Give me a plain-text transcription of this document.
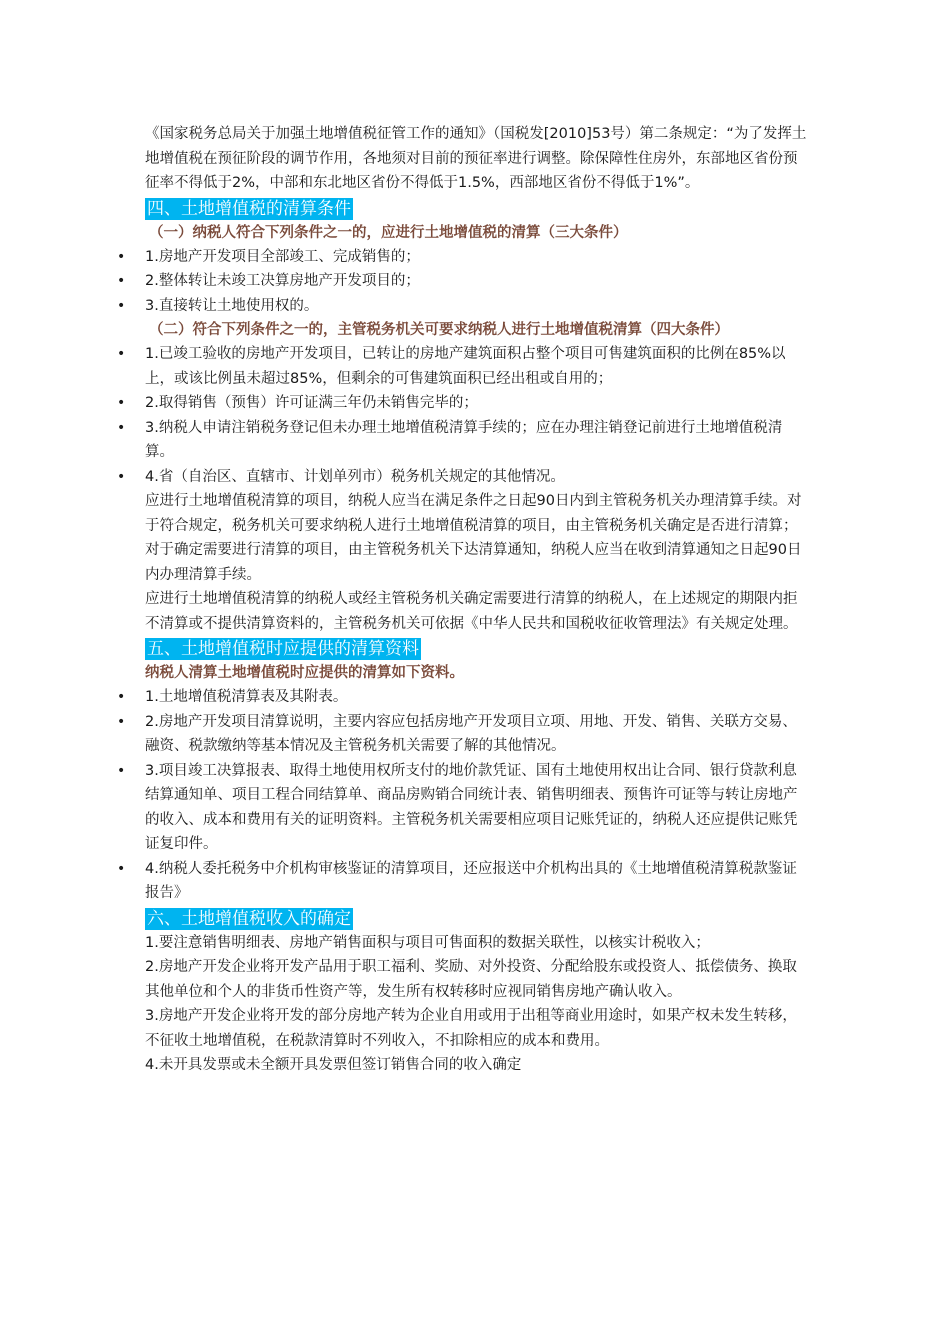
《国家税务总局关于加强土地增值税征管工作的通知》（国税发[2010]53号）第二条规定：“为了发挥土地增值税在预征阶段的调节作用，各地须对目前的预征率进行调整。除保障性住房外，东部地区省份预征率不得低于2%，中部和东北地区省份不得低于1.5%，西部地区省份不得低于1%”。

四、土地增值税的清算条件

（一）纳税人符合下列条件之一的，应进行土地增值税的清算（三大条件）

• 1.房地产开发项目全部竣工、完成销售的；
• 2.整体转让未竣工决算房地产开发项目的；
• 3.直接转让土地使用权的。

（二）符合下列条件之一的，主管税务机关可要求纳税人进行土地增值税清算（四大条件）

• 1.已竣工验收的房地产开发项目，已转让的房地产建筑面积占整个项目可售建筑面积的比例在85%以上，或该比例虽未超过85%，但剩余的可售建筑面积已经出租或自用的；
• 2.取得销售（预售）许可证满三年仍未销售完毕的；
• 3.纳税人申请注销税务登记但未办理土地增值税清算手续的；应在办理注销登记前进行土地增值税清算。
• 4.省（自治区、直辖市、计划单列市）税务机关规定的其他情况。

应进行土地增值税清算的项目，纳税人应当在满足条件之日起90日内到主管税务机关办理清算手续。对于符合规定，税务机关可要求纳税人进行土地增值税清算的项目，由主管税务机关确定是否进行清算；对于确定需要进行清算的项目，由主管税务机关下达清算通知，纳税人应当在收到清算通知之日起90日内办理清算手续。

应进行土地增值税清算的纳税人或经主管税务机关确定需要进行清算的纳税人，在上述规定的期限内拒不清算或不提供清算资料的，主管税务机关可依据《中华人民共和国税收征收管理法》有关规定处理。

五、土地增值税时应提供的清算资料

纳税人清算土地增值税时应提供的清算如下资料。

• 1.土地增值税清算表及其附表。
• 2.房地产开发项目清算说明，主要内容应包括房地产开发项目立项、用地、开发、销售、关联方交易、融资、税款缴纳等基本情况及主管税务机关需要了解的其他情况。
• 3.项目竣工决算报表、取得土地使用权所支付的地价款凭证、国有土地使用权出让合同、银行贷款利息结算通知单、项目工程合同结算单、商品房购销合同统计表、销售明细表、预售许可证等与转让房地产的收入、成本和费用有关的证明资料。主管税务机关需要相应项目记账凭证的，纳税人还应提供记账凭证复印件。
• 4.纳税人委托税务中介机构审核鉴证的清算项目，还应报送中介机构出具的《土地增值税清算税款鉴证报告》
六、土地增值税收入的确定

1.要注意销售明细表、房地产销售面积与项目可售面积的数据关联性，以核实计税收入；

2.房地产开发企业将开发产品用于职工福利、奖励、对外投资、分配给股东或投资人、抵偿债务、换取其他单位和个人的非货币性资产等，发生所有权转移时应视同销售房地产确认收入。

3.房地产开发企业将开发的部分房地产转为企业自用或用于出租等商业用途时，如果产权未发生转移，不征收土地增值税，在税款清算时不列收入，不扣除相应的成本和费用。

4.未开具发票或未全额开具发票但签订销售合同的收入确定
